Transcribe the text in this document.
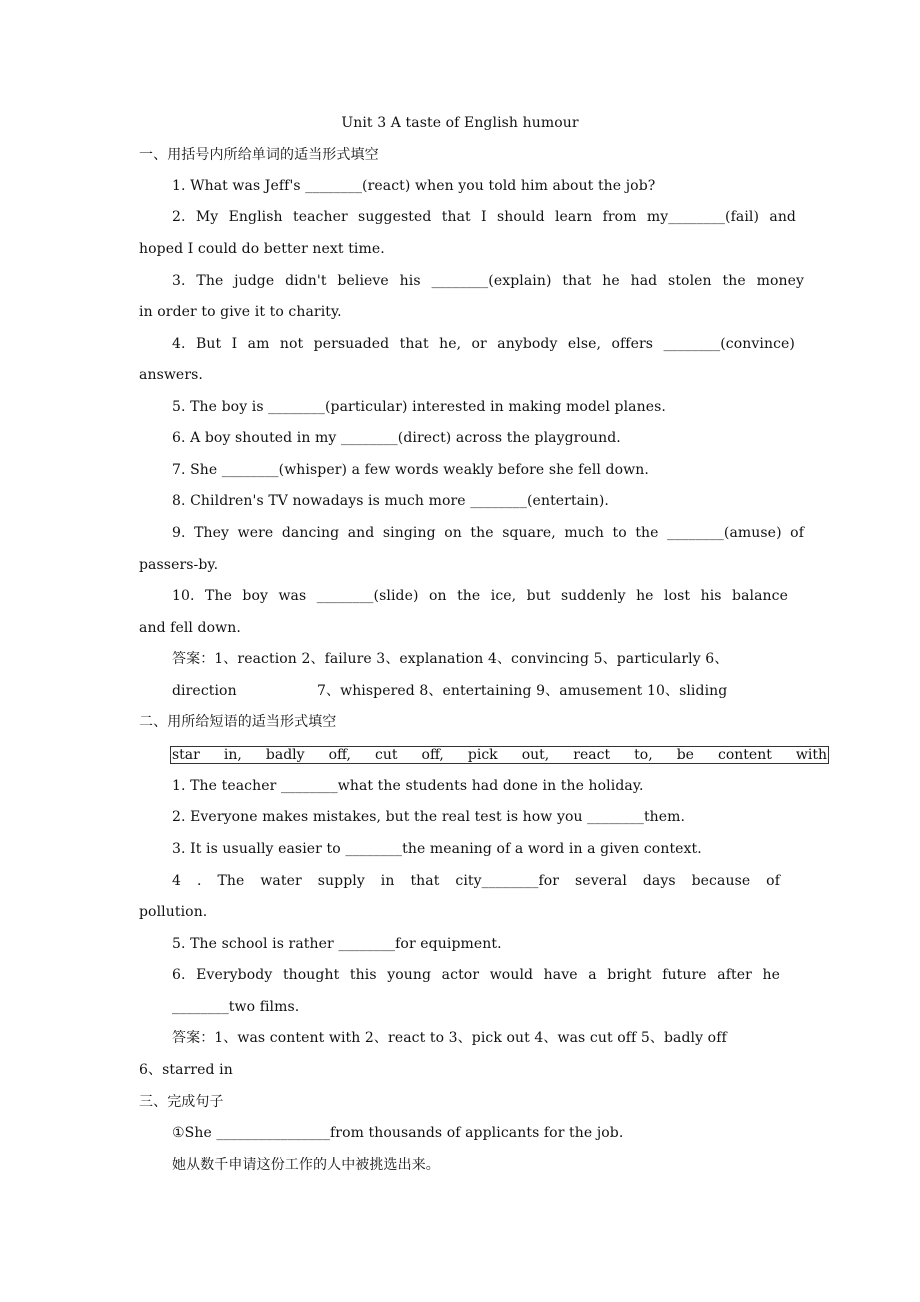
Unit 3 A taste of English humour
一、用括号内所给单词的适当形式填空
1. What was Jeff's ________(react) when you told him about the job?
2. My English teacher suggested that I should learn from my________(fail) and
hoped I could do better next time.
3. The judge didn't believe his ________(explain) that he had stolen the money
in order to give it to charity.
4. But I am not persuaded that he, or anybody else, offers ________(convince)
answers.
5. The boy is ________(particular) interested in making model planes.
6. A boy shouted in my ________(direct) across the playground.
7. She ________(whisper) a few words weakly before she fell down.
8. Children's TV nowadays is much more ________(entertain).
9. They were dancing and singing on the square, much to the ________(amuse) of
passers-by.
10. The boy was ________(slide) on the ice, but suddenly he lost his balance
and fell down.
答案：1、reaction 2、failure 3、explanation 4、convincing 5、particularly 6、
direction	7、whispered 8、entertaining 9、amusement 10、sliding
二、用所给短语的适当形式填空
star in, badly off, cut off, pick out, react to, be content with
1. The teacher ________what the students had done in the holiday.
2. Everyone makes mistakes, but the real test is how you ________them.
3. It is usually easier to ________the meaning of a word in a given context.
4 . The water supply in that city________for several days because of
pollution.
5. The school is rather ________for equipment.
6. Everybody thought this young actor would have a bright future after he
________two films.
答案：1、was content with 2、react to 3、pick out 4、was cut off 5、badly off
6、starred in
三、完成句子
①She ________________from thousands of applicants for the job.
她从数千申请这份工作的人中被挑选出来。
